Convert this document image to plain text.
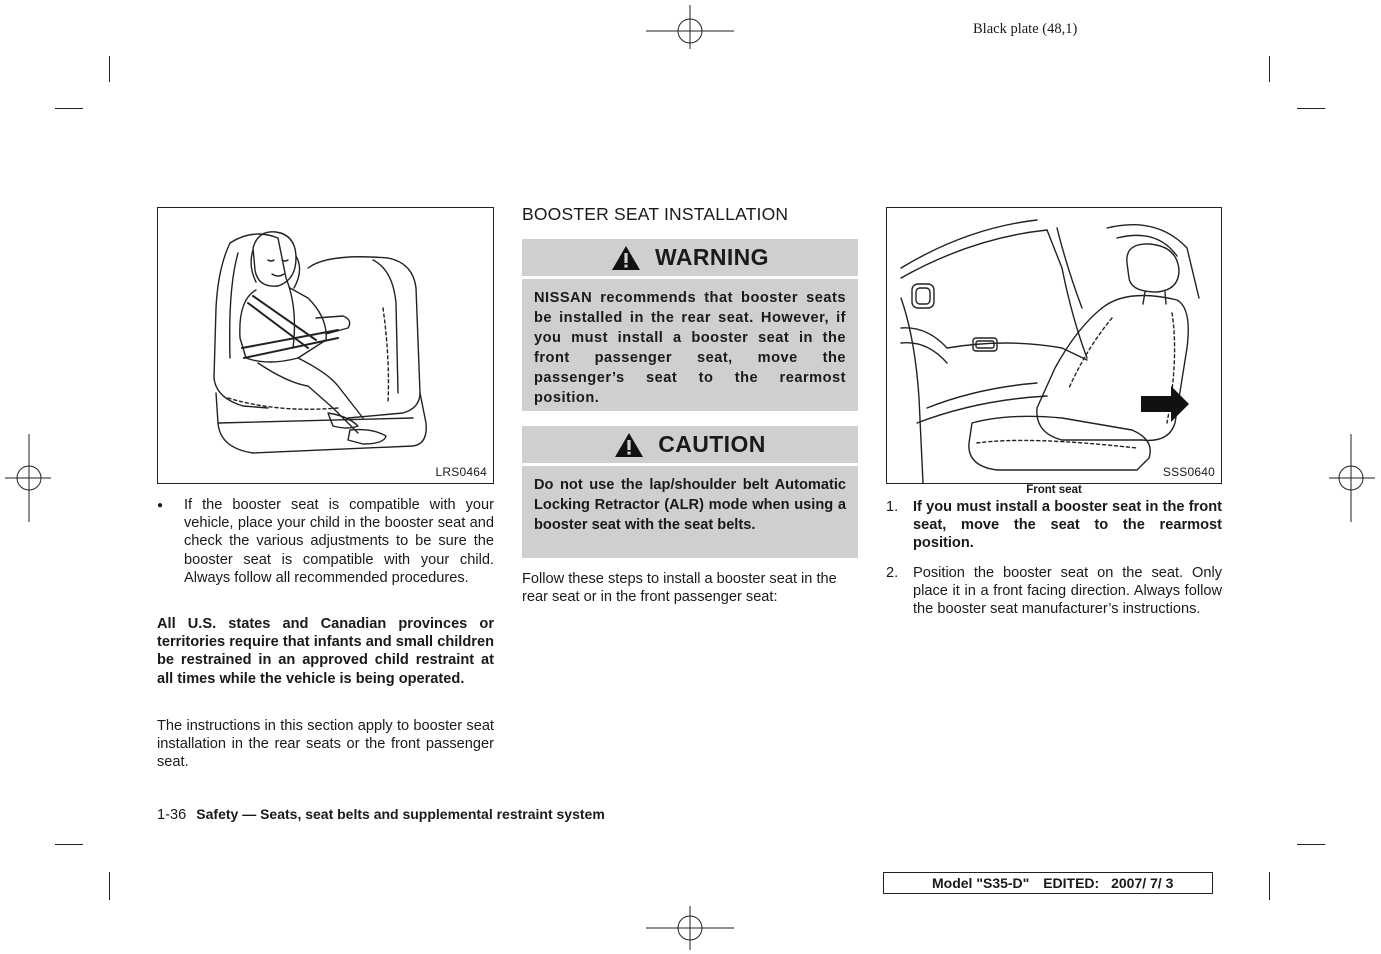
Black plate (48,1)
LRS0464
●	If the booster seat is compatible with your vehicle, place your child in the booster seat and check the various adjustments to be sure the booster seat is compatible with your child. Always follow all recommended procedures.

All U.S. states and Canadian provinces or territories require that infants and small children be restrained in an approved child restraint at all times while the vehicle is being operated.

The instructions in this section apply to booster seat installation in the rear seats or the front passenger seat.

BOOSTER SEAT INSTALLATION
WARNING
NISSAN recommends that booster seats be installed in the rear seat. However, if you must install a booster seat in the front passenger seat, move the passenger’s seat to the rearmost position.
CAUTION
Do not use the lap/shoulder belt Automatic Locking Retractor (ALR) mode when using a booster seat with the seat belts.

Follow these steps to install a booster seat in the rear seat or in the front passenger seat:

SSS0640
Front seat
1.	If you must install a booster seat in the front seat, move the seat to the rearmost position.

2.	Position the booster seat on the seat. Only place it in a front facing direction. Always follow the booster seat manufacturer’s instructions.

1-36 Safety — Seats, seat belts and supplemental restraint system
Model "S35-D" EDITED: 2007/ 7/ 3
